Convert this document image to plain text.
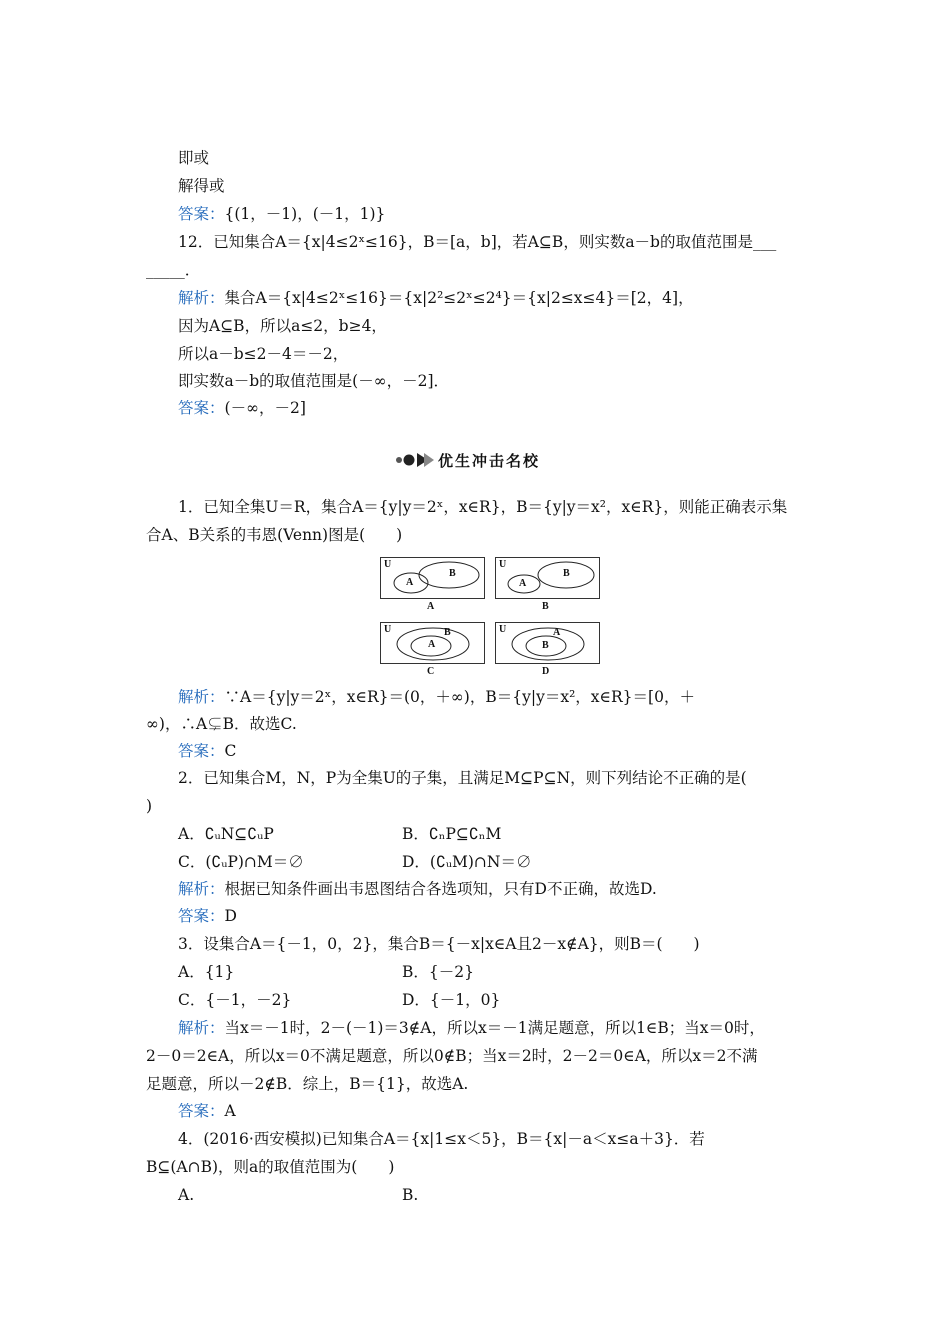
即或
解得或
答案：{(1，－1)，(－1，1)}
12．已知集合A＝{x|4≤2ˣ≤16}，B＝[a，b]，若A⊆B，则实数a－b的取值范围是___
_____．
解析：集合A＝{x|4≤2ˣ≤16}＝{x|2²≤2ˣ≤2⁴}＝{x|2≤x≤4}＝[2，4]，
因为A⊆B，所以a≤2，b≥4，
所以a－b≤2－4＝－2，
即实数a－b的取值范围是(－∞，－2]．
答案：(－∞，－2]
优生冲击名校
1．已知全集U＝R，集合A＝{y|y＝2ˣ，x∈R}，B＝{y|y＝x²，x∈R}，则能正确表示集
合A、B关系的韦恩(Venn)图是(　　)
U
A
B
A
U
A
B
B
U	B
A
C
U	A
B
D
解析：∵A＝{y|y＝2ˣ，x∈R}＝(0，＋∞)，B＝{y|y＝x²，x∈R}＝[0，＋
∞)，∴A⊊B．故选C.
答案：C
2．已知集合M，N，P为全集U的子集，且满足M⊆P⊆N，则下列结论不正确的是(
)
A．∁ᵤN⊆∁ᵤP	B．∁ₙP⊆∁ₙM
C．(∁ᵤP)∩M＝∅	D．(∁ᵤM)∩N＝∅
解析：根据已知条件画出韦恩图结合各选项知，只有D不正确，故选D.
答案：D
3．设集合A＝{－1，0，2}，集合B＝{－x|x∈A且2－x∉A}，则B＝(　　)
A．{1}	B．{－2}
C．{－1，－2}	D．{－1，0}
解析：当x＝－1时，2－(－1)＝3∉A，所以x＝－1满足题意，所以1∈B；当x＝0时，
2－0＝2∈A，所以x＝0不满足题意，所以0∉B；当x＝2时，2－2＝0∈A，所以x＝2不满
足题意，所以－2∉B．综上，B＝{1}，故选A.
答案：A
4．(2016·西安模拟)已知集合A＝{x|1≤x＜5}，B＝{x|－a＜x≤a＋3}．若
B⊆(A∩B)，则a的取值范围为(　　)
A.	B.
